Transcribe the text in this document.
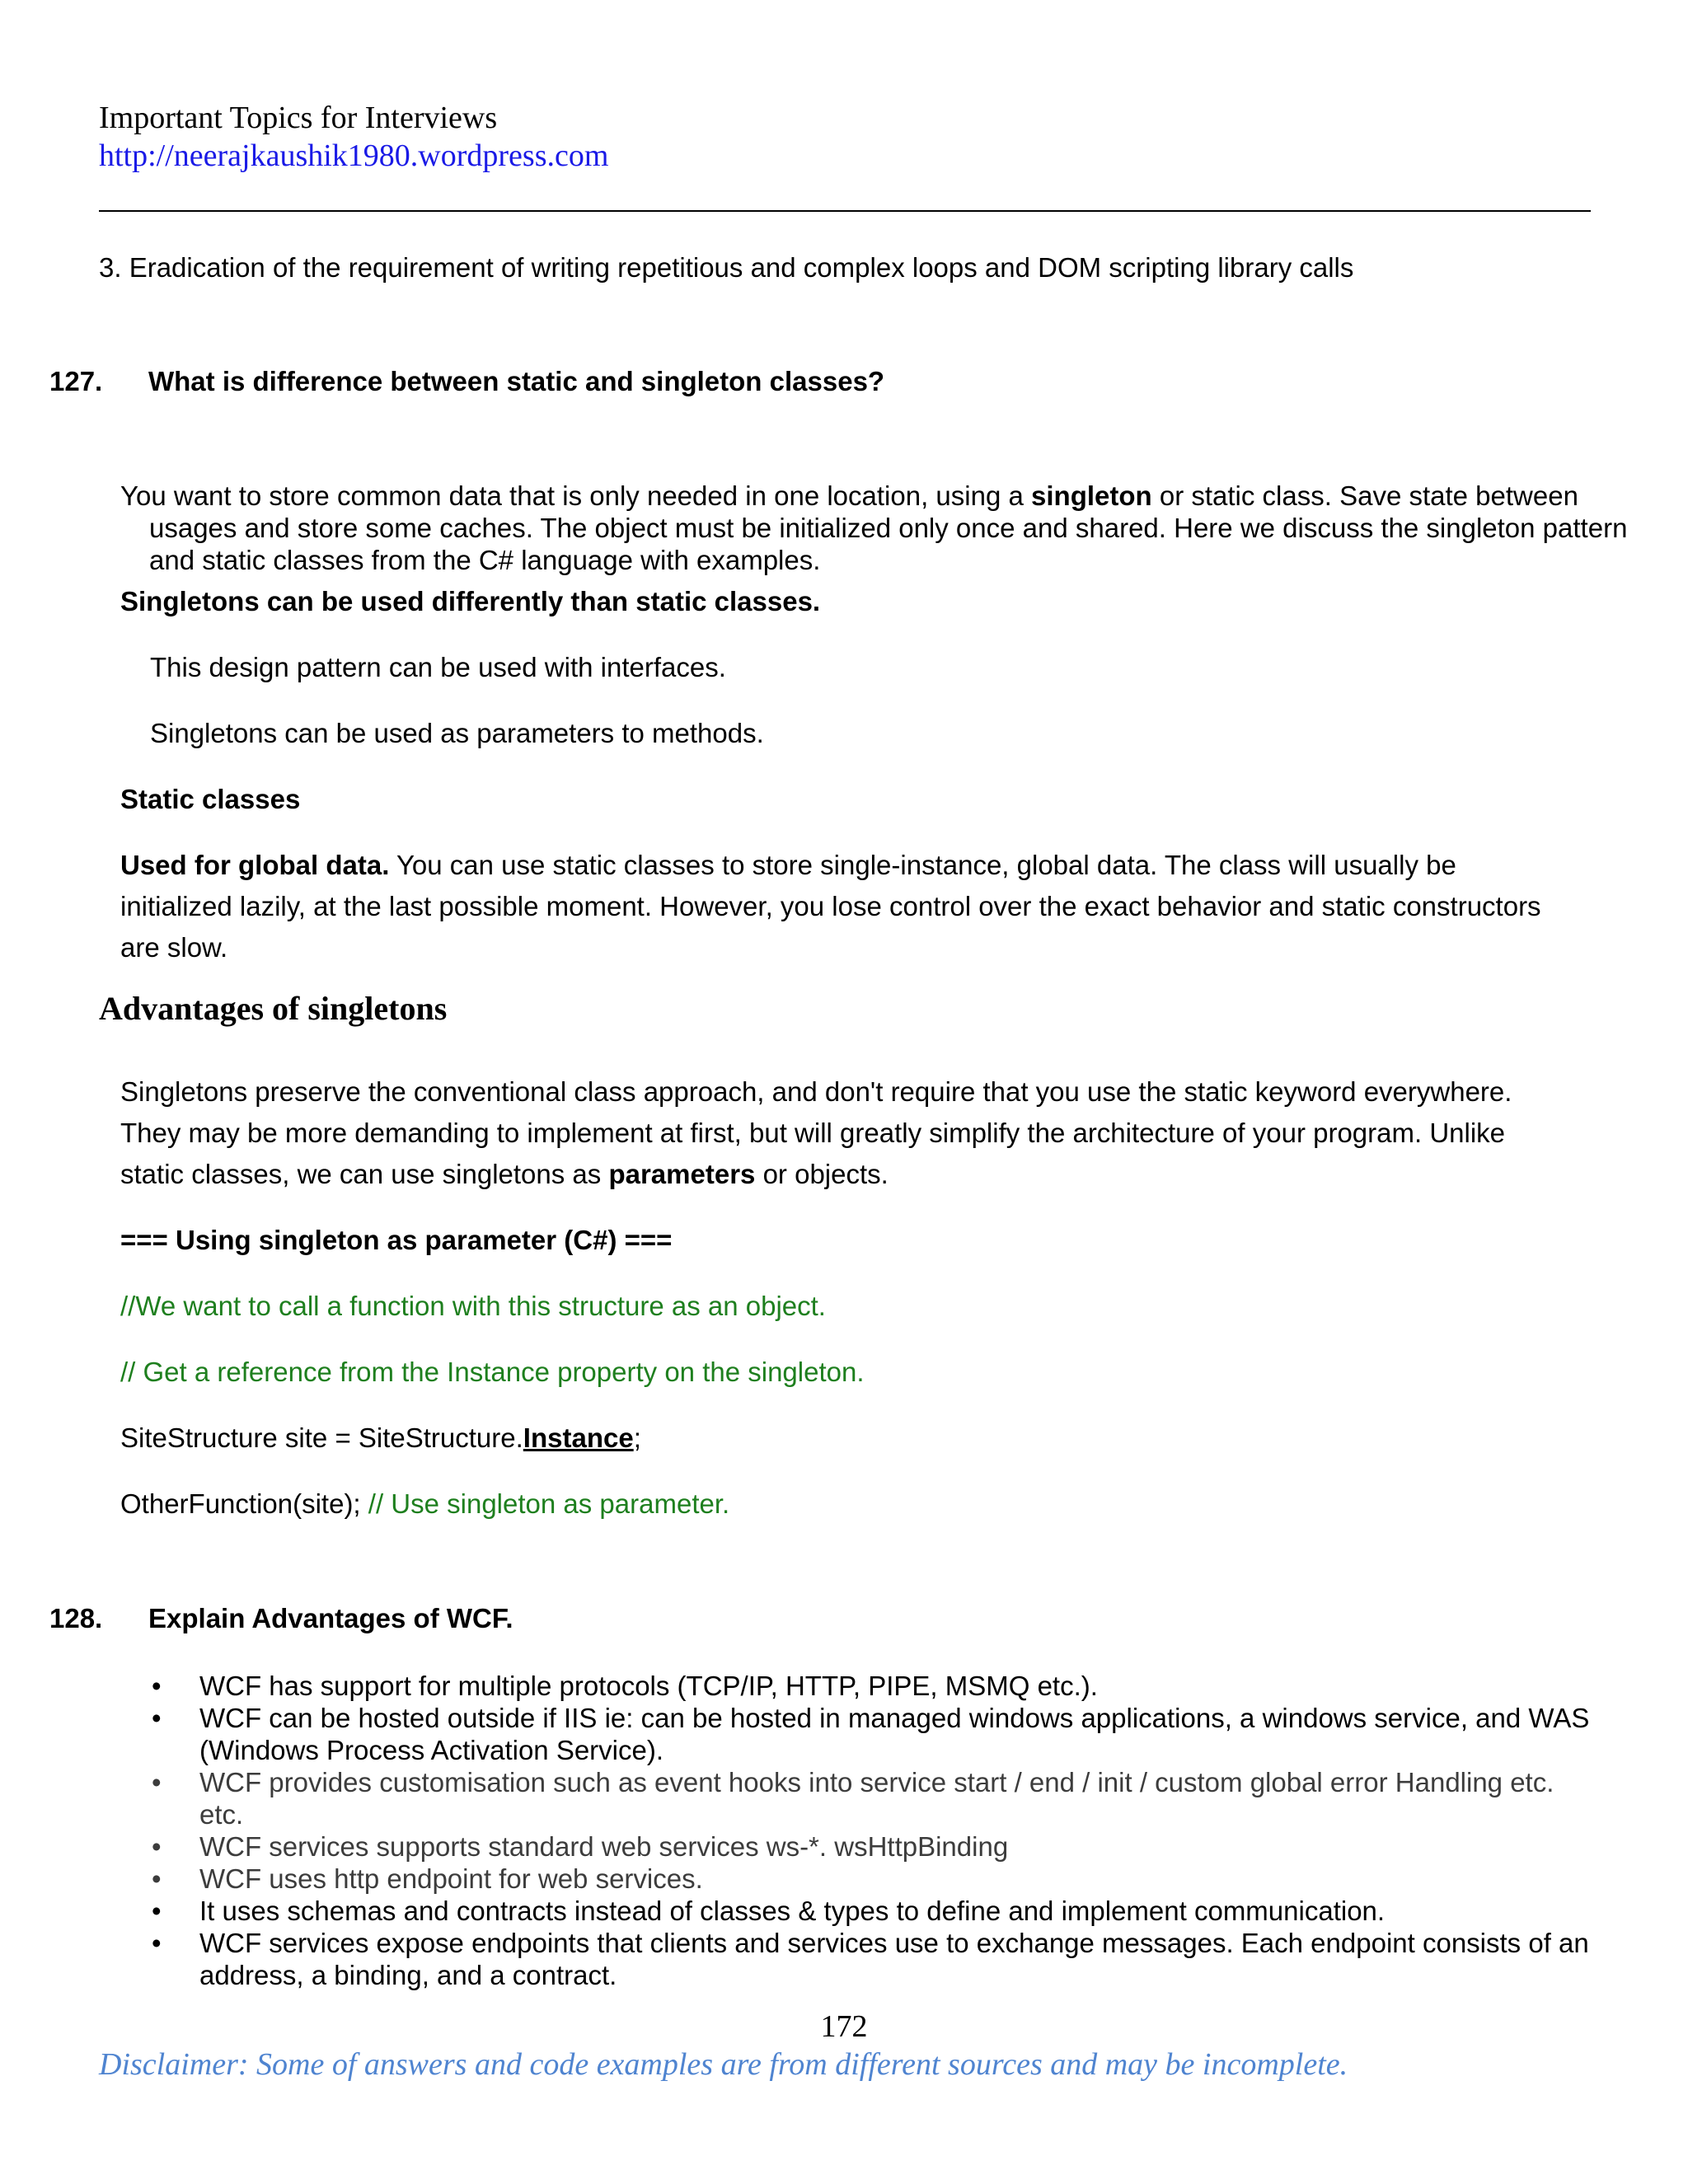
Important Topics for Interviews
http://neerajkaushik1980.wordpress.com
3. Eradication of the requirement of writing repetitious and complex loops and DOM scripting library calls
127. What is difference between static and singleton classes?
You want to store common data that is only needed in one location, using a singleton or static class. Save state between usages and store some caches. The object must be initialized only once and shared. Here we discuss the singleton pattern and static classes from the C# language with examples.
Singletons can be used differently than static classes.
This design pattern can be used with interfaces.
Singletons can be used as parameters to methods.
Static classes
Used for global data. You can use static classes to store single-instance, global data. The class will usually be
initialized lazily, at the last possible moment. However, you lose control over the exact behavior and static constructors
are slow.
Advantages of singletons
Singletons preserve the conventional class approach, and don't require that you use the static keyword everywhere.
They may be more demanding to implement at first, but will greatly simplify the architecture of your program. Unlike
static classes, we can use singletons as parameters or objects.
=== Using singleton as parameter (C#) ===
//We want to call a function with this structure as an object.
// Get a reference from the Instance property on the singleton.
SiteStructure site = SiteStructure.Instance;
OtherFunction(site); // Use singleton as parameter.
128. Explain Advantages of WCF.
• WCF has support for multiple protocols (TCP/IP, HTTP, PIPE, MSMQ etc.).
• WCF can be hosted outside if IIS ie: can be hosted in managed windows applications, a windows service, and WAS (Windows Process Activation Service).
• WCF provides customisation such as event hooks into service start / end / init / custom global error Handling etc. etc.
• WCF services supports standard web services ws-*. wsHttpBinding
• WCF uses http endpoint for web services.
• It uses schemas and contracts instead of classes & types to define and implement communication.
• WCF services expose endpoints that clients and services use to exchange messages. Each endpoint consists of an address, a binding, and a contract.
172
Disclaimer: Some of answers and code examples are from different sources and may be incomplete.
